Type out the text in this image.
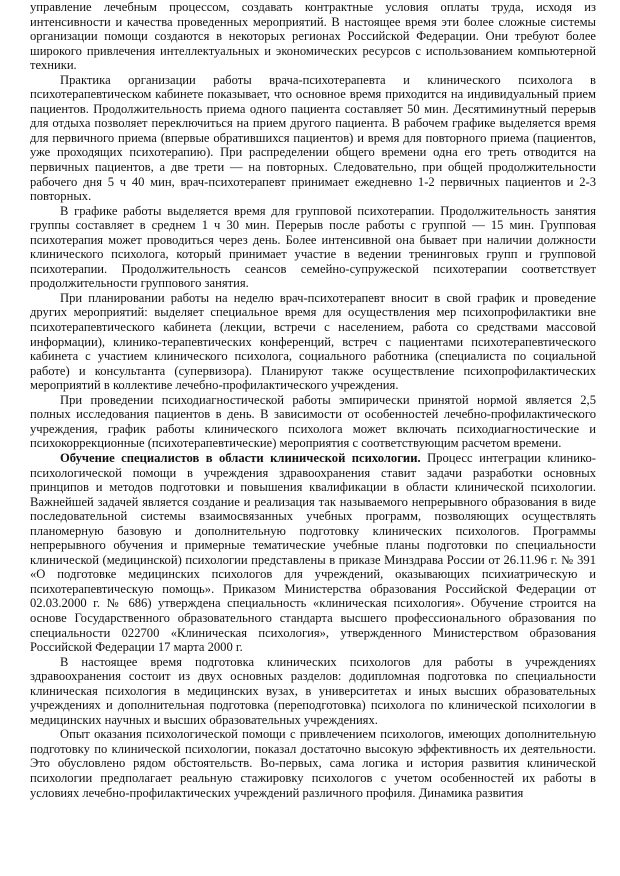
управление лечебным процессом, создавать контрактные условия оплаты труда, исходя из интенсивности и качества проведенных мероприятий. В настоящее время эти более сложные системы организации помощи создаются в некоторых регионах Российской Федерации. Они требуют более широкого привлечения интеллектуальных и экономических ресурсов с использованием компьютерной техники.

Практика организации работы врача-психотерапевта и клинического психолога в психотерапевтическом кабинете показывает, что основное время приходится на индивидуальный прием пациентов. Продолжительность приема одного пациента составляет 50 мин. Десятиминутный перерыв для отдыха позволяет переключиться на прием другого пациента. В рабочем графике выделяется время для первичного приема (впервые обратившихся пациентов) и время для повторного приема (пациентов, уже проходящих психотерапию). При распределении общего времени одна его треть отводится на первичных пациентов, а две трети — на повторных. Следовательно, при общей продолжительности рабочего дня 5 ч 40 мин, врач-психотерапевт принимает ежедневно 1-2 первичных пациентов и 2-3 повторных.

В графике работы выделяется время для групповой психотерапии. Продолжительность занятия группы составляет в среднем 1 ч 30 мин. Перерыв после работы с группой — 15 мин. Групповая психотерапия может проводиться через день. Более интенсивной она бывает при наличии должности клинического психолога, который принимает участие в ведении тренинговых групп и групповой психотерапии. Продолжительность сеансов семейно-супружеской психотерапии соответствует продолжительности группового занятия.

При планировании работы на неделю врач-психотерапевт вносит в свой график и проведение других мероприятий: выделяет специальное время для осуществления мер психопрофилактики вне психотерапевтического кабинета (лекции, встречи с населением, работа со средствами массовой информации), клинико-терапевтических конференций, встреч с пациентами психотерапевтического кабинета с участием клинического психолога, социального работника (специалиста по социальной работе) и консультанта (супервизора). Планируют также осуществление психопрофилактических мероприятий в коллективе лечебно-профилактического учреждения.

При проведении психодиагностической работы эмпирически принятой нормой является 2,5 полных исследования пациентов в день. В зависимости от особенностей лечебно-профилактического учреждения, график работы клинического психолога может включать психодиагностические и психокоррекционные (психотерапевтические) мероприятия с соответствующим расчетом времени.

Обучение специалистов в области клинической психологии. Процесс интеграции клинико-психологической помощи в учреждения здравоохранения ставит задачи разработки основных принципов и методов подготовки и повышения квалификации в области клинической психологии. Важнейшей задачей является создание и реализация так называемого непрерывного образования в виде последовательной системы взаимосвязанных учебных программ, позволяющих осуществлять планомерную базовую и дополнительную подготовку клинических психологов. Программы непрерывного обучения и примерные тематические учебные планы подготовки по специальности клинической (медицинской) психологии представлены в приказе Минздрава России от 26.11.96 г. № 391 «О подготовке медицинских психологов для учреждений, оказывающих психиатрическую и психотерапевтическую помощь». Приказом Министерства образования Российской Федерации от 02.03.2000 г. № 686) утверждена специальность «клиническая психология». Обучение строится на основе Государственного образовательного стандарта высшего профессионального образования по специальности 022700 «Клиническая психология», утвержденного Министерством образования Российской Федерации 17 марта 2000 г.

В настоящее время подготовка клинических психологов для работы в учреждениях здравоохранения состоит из двух основных разделов: додипломная подготовка по специальности клиническая психология в медицинских вузах, в университетах и иных высших образовательных учреждениях и дополнительная подготовка (переподготовка) психолога по клинической психологии в медицинских научных и высших образовательных учреждениях.

Опыт оказания психологической помощи с привлечением психологов, имеющих дополнительную подготовку по клинической психологии, показал достаточно высокую эффективность их деятельности. Это обусловлено рядом обстоятельств. Во-первых, сама логика и история развития клинической психологии предполагает реальную стажировку психологов с учетом особенностей их работы в условиях лечебно-профилактических учреждений различного профиля. Динамика развития
